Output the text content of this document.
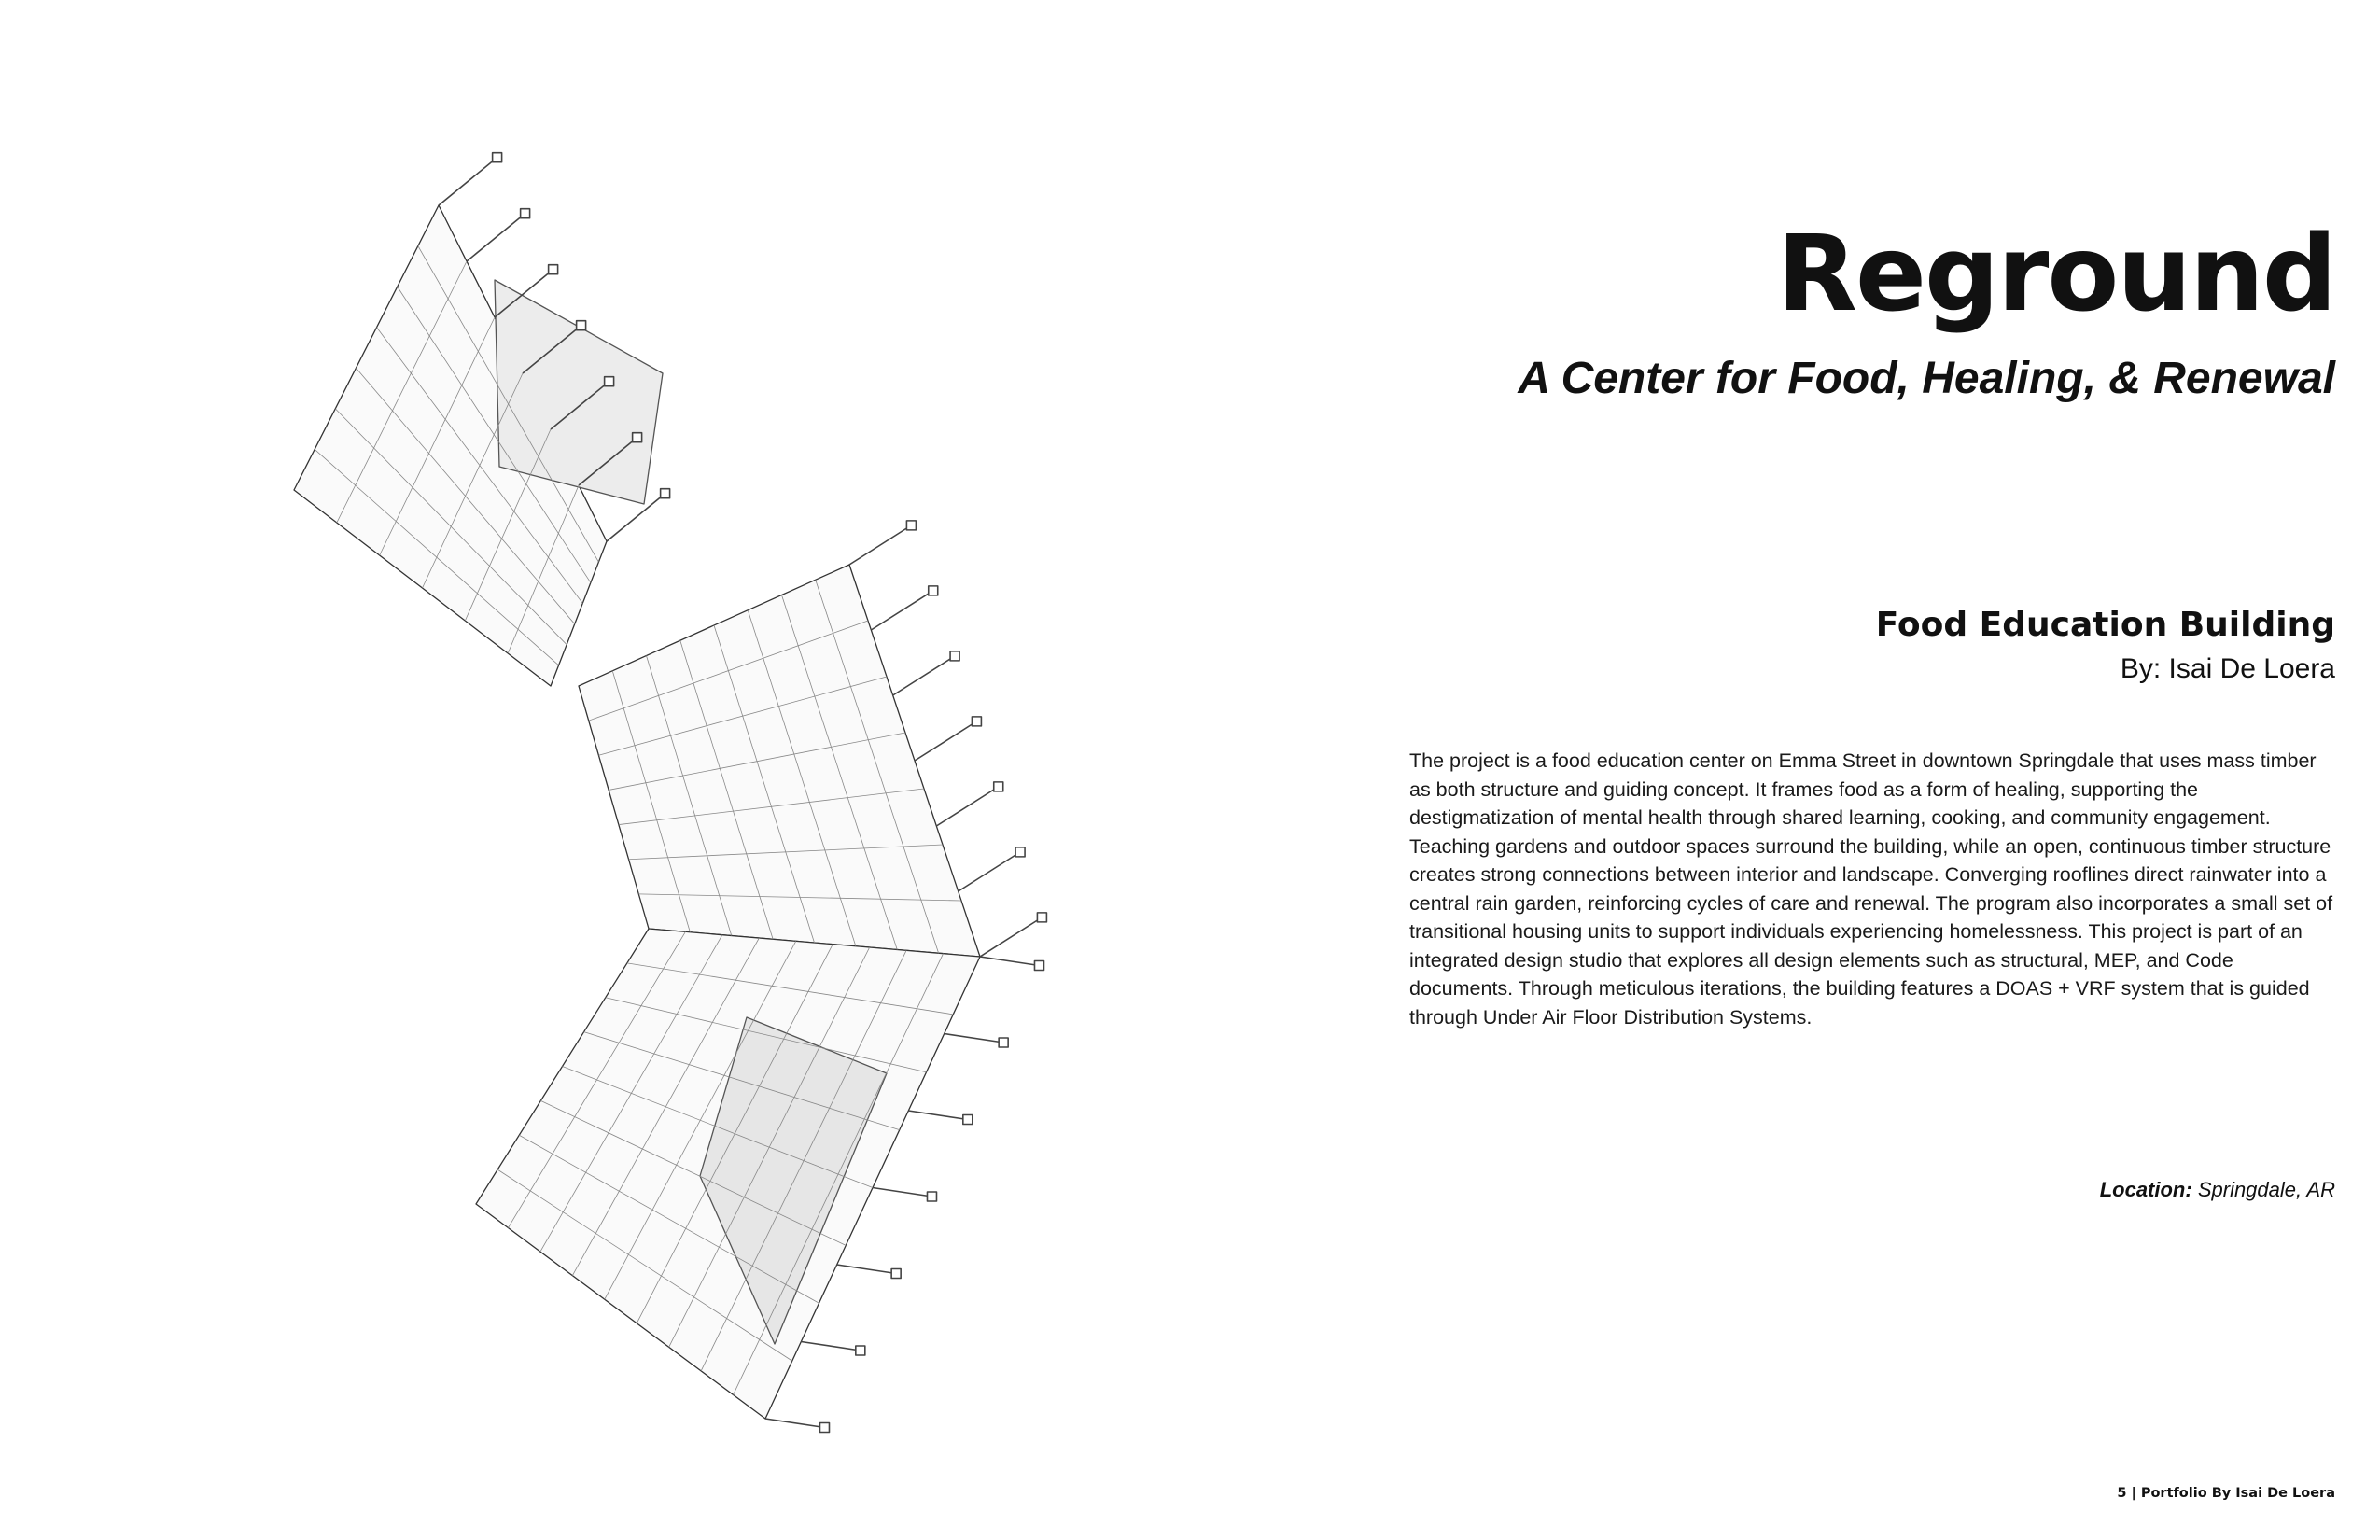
Reground
A Center for Food, Healing, & Renewal
Food Education Building

By: Isai De Loera

The project is a food education center on Emma Street in downtown Springdale that uses mass timber as both structure and guiding concept. It frames food as a form of healing, supporting the destigmatization of mental health through shared learning, cooking, and community engagement. Teaching gardens and outdoor spaces surround the building, while an open, continuous timber structure creates strong connections between interior and landscape. Converging rooflines direct rainwater into a central rain garden, reinforcing cycles of care and renewal. The program also incorporates a small set of transitional housing units to support individuals experiencing homelessness. This project is part of an integrated design studio that explores all design elements such as structural, MEP, and Code documents. Through meticulous iterations, the building features a DOAS + VRF system that is guided through Under Air Floor Distribution Systems.

Location: Springdale, AR

5 | Portfolio By Isai De Loera
